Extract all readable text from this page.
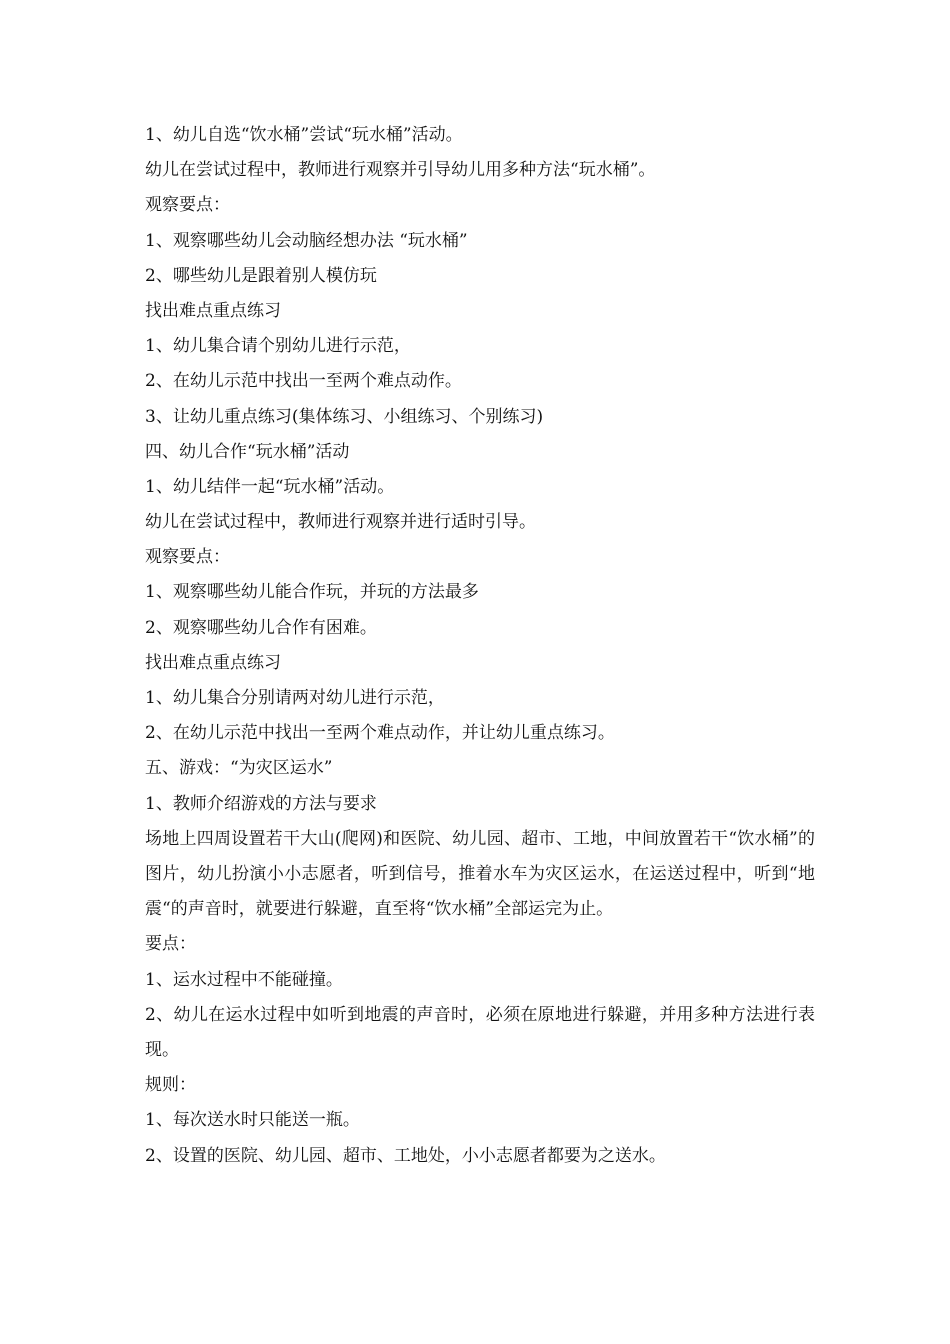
1、幼儿自选“饮水桶”尝试“玩水桶”活动。
幼儿在尝试过程中，教师进行观察并引导幼儿用多种方法“玩水桶”。
观察要点：
1、观察哪些幼儿会动脑经想办法 “玩水桶”
2、哪些幼儿是跟着别人模仿玩
找出难点重点练习
1、幼儿集合请个别幼儿进行示范，
2、在幼儿示范中找出一至两个难点动作。
3、让幼儿重点练习(集体练习、小组练习、个别练习)
四、幼儿合作“玩水桶”活动
1、幼儿结伴一起“玩水桶”活动。
幼儿在尝试过程中，教师进行观察并进行适时引导。
观察要点：
1、观察哪些幼儿能合作玩，并玩的方法最多
2、观察哪些幼儿合作有困难。
找出难点重点练习
1、幼儿集合分别请两对幼儿进行示范，
2、在幼儿示范中找出一至两个难点动作，并让幼儿重点练习。
五、游戏：“为灾区运水”
1、教师介绍游戏的方法与要求
场地上四周设置若干大山(爬网)和医院、幼儿园、超市、工地，中间放置若干“饮水桶”的图片，幼儿扮演小小志愿者，听到信号，推着水车为灾区运水，在运送过程中，听到“地震“的声音时，就要进行躲避，直至将“饮水桶”全部运完为止。
要点：
1、运水过程中不能碰撞。
2、幼儿在运水过程中如听到地震的声音时，必须在原地进行躲避，并用多种方法进行表现。
规则：
1、每次送水时只能送一瓶。
2、设置的医院、幼儿园、超市、工地处，小小志愿者都要为之送水。
